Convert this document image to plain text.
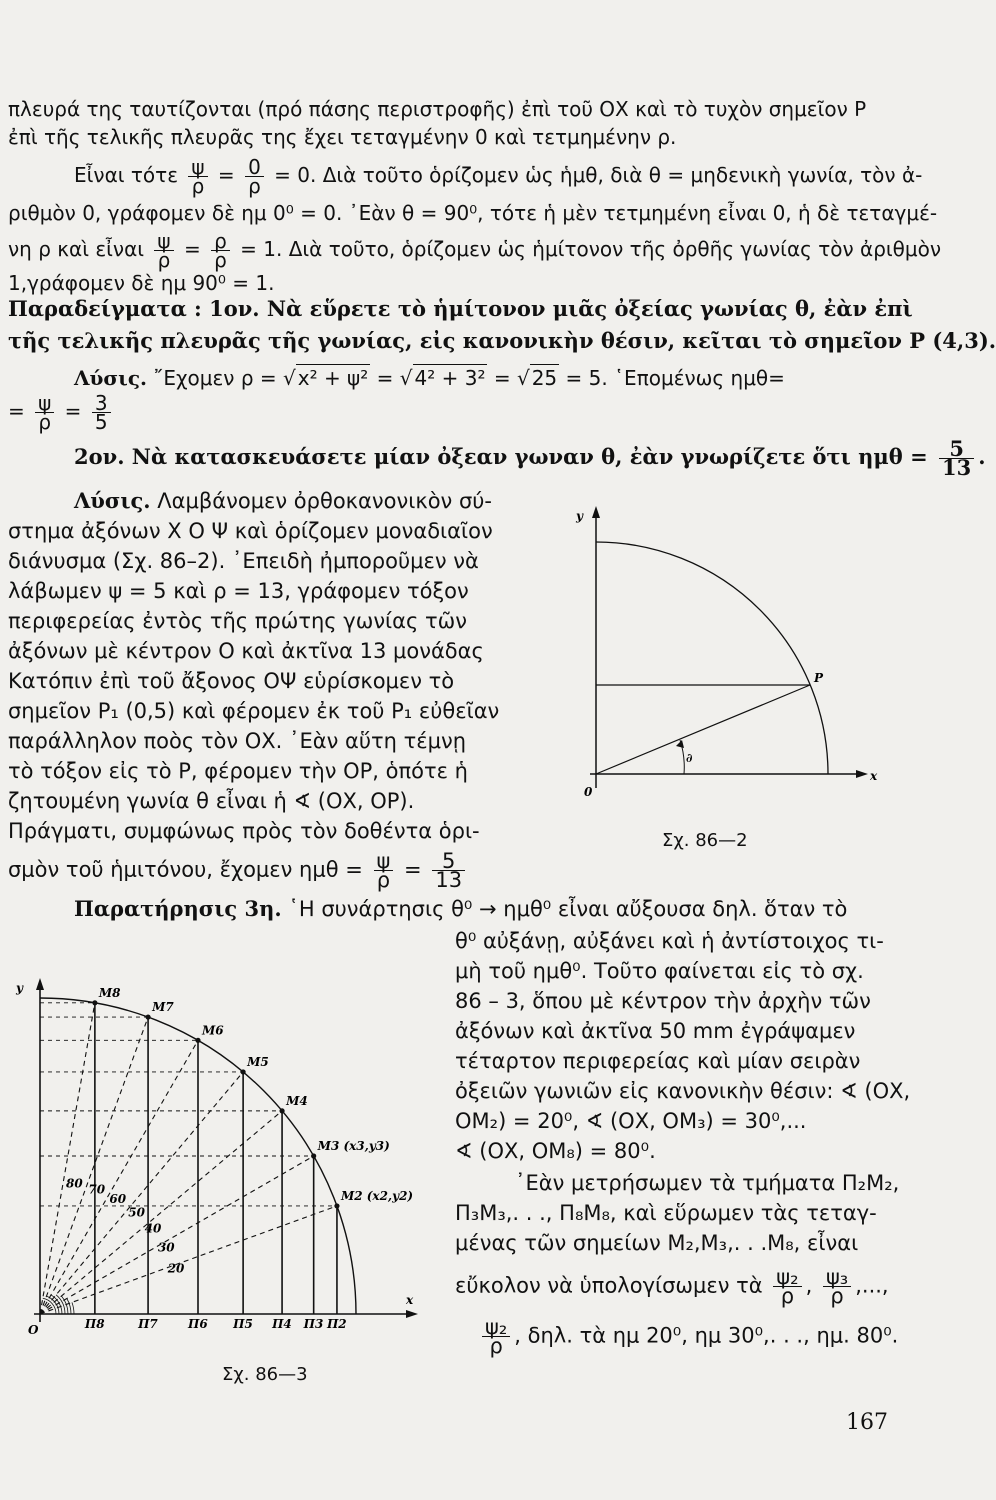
πλευρά της ταυτίζονται (πρό πάσης περιστροφῆς) ἐπὶ τοῦ ΟΧ καὶ τὸ τυχὸν σημεῖον Ρ
ἐπὶ τῆς τελικῆς πλευρᾶς της ἔχει τεταγμένην 0 καὶ τετμημένην ρ.
Εἶναι τότε $\frac{\psi}{\rho} = \frac{0}{\rho} = 0$. Διὰ τοῦτο ὁρίζομεν ὡς ἡμθ, διὰ θ = μηδενικὴ γωνία, τὸν ἀ-
ριθμὸν 0, γράφομεν δὲ ημ 0⁰ = 0. ᾿Εὰν θ = 90⁰, τότε ἡ μὲν τετμημένη εἶναι 0, ἡ δὲ τεταγμέ-
νη ρ καὶ εἶναι $\frac{\psi}{\rho} = \frac{\rho}{\rho} = 1$. Διὰ τοῦτο, ὁρίζομεν ὡς ἡμίτονον τῆς ὀρθῆς γωνίας τὸν ἀριθμὸν
1,γράφομεν δὲ ημ 90⁰ = 1.
Παραδείγματα : 1ον. Νὰ εὕρετε τὸ ἡμίτονον μιᾶς ὀξείας γωνίας θ, ἐὰν ἐπὶ
τῆς τελικῆς πλευρᾶς τῆς γωνίας, εἰς κανονικὴν θέσιν, κεῖται τὸ σημεῖον Ρ (4,3).
Λύσις. ῎Εχομεν ρ = √ x² + ψ² = √ 4² + 3² = √ 25 = 5. ῾Επομένως ημθ=
= $\frac{\psi}{\rho} = \frac{3}{5}$
2ον. Νὰ κατασκευάσετε μίαν ὀξεαν γωναν θ, ἐὰν γνωρίζετε ὅτι $\eta\mu\theta = \frac{5}{13}$ .
Λύσις. Λαμβάνομεν ὀρθοκανονικὸν σύ-
στημα ἀξόνων Χ Ο Ψ καὶ ὁρίζομεν μοναδιαῖον
διάνυσμα (Σχ. 86–2). ᾿Επειδὴ ἠμποροῦμεν νὰ
λάβωμεν ψ = 5 καὶ ρ = 13, γράφομεν τόξον
περιφερείας ἐντὸς τῆς πρώτης γωνίας τῶν
ἀξόνων μὲ κέντρον Ο καὶ ἀκτῖνα 13 μονάδας
Κατόπιν ἐπὶ τοῦ ἄξονος ΟΨ εὑρίσκομεν τὸ
σημεῖον Ρ₁ (0,5) καὶ φέρομεν ἐκ τοῦ Ρ₁ εὐθεῖαν
παράλληλον ποὸς τὸν ΟΧ. ᾿Εὰν αὕτη τέμνῃ
τὸ τόξον εἰς τὸ Ρ, φέρομεν τὴν ΟΡ, ὁπότε ἡ
ζητουμένη γωνία θ εἶναι ἡ ∢ (ΟΧ, ΟΡ).
Πράγματι, συμφώνως πρὸς τὸν δοθέντα ὁρι-
σμὸν τοῦ ἡμιτόνου, ἔχομεν $\eta\mu\theta = \frac{\psi}{\rho} = \frac{5}{13}$
y
x
0
P
∂
Σχ. 86—2
Παρατήρησις 3η. ῾Η συνάρτησις θ⁰ → ημθ⁰ εἶναι αὔξουσα δηλ. ὅταν τὸ
θ⁰ αὐξάνῃ, αὐξάνει καὶ ἡ ἀντίστοιχος τι-
μὴ τοῦ ημθ⁰. Τοῦτο φαίνεται εἰς τὸ σχ.
86 – 3, ὅπου μὲ κέντρον τὴν ἀρχὴν τῶν
ἀξόνων καὶ ἀκτῖνα 50 mm ἐγράψαμεν
τέταρτον περιφερείας καὶ μίαν σειρὰν
ὀξειῶν γωνιῶν εἰς κανονικὴν θέσιν: ∢ (ΟΧ,
ΟΜ₂) = 20⁰, ∢ (ΟΧ, ΟΜ₃) = 30⁰,...
∢ (ΟΧ, ΟΜ₈) = 80⁰.
᾿Εὰν μετρήσωμεν τὰ τμήματα Π₂Μ₂,
Π₃Μ₃,. . ., Π₈Μ₈, καὶ εὕρωμεν τὰς τεταγ-
μένας τῶν σημείων Μ₂,Μ₃,. . .Μ₈, εἶναι
εὔκολον νὰ ὑπολογίσωμεν τὰ $\frac{\text{ψ₂}}{\rho}$ , $\frac{\text{ψ₃}}{\rho}$ ,...,
$\frac{\text{ψ₂}}{\rho}$ , δηλ. τὰ ημ 20⁰, ημ 30⁰,. . ., ημ. 80⁰.
M8
Π8
80
M7
Π7
70
M6
Π6
60
M5
Π5
50
M4
Π4
40
M3 (x3,y3)
Π3
30
M2 (x2,y2)
Π2
20
y
x
O
Σχ. 86—3
167
